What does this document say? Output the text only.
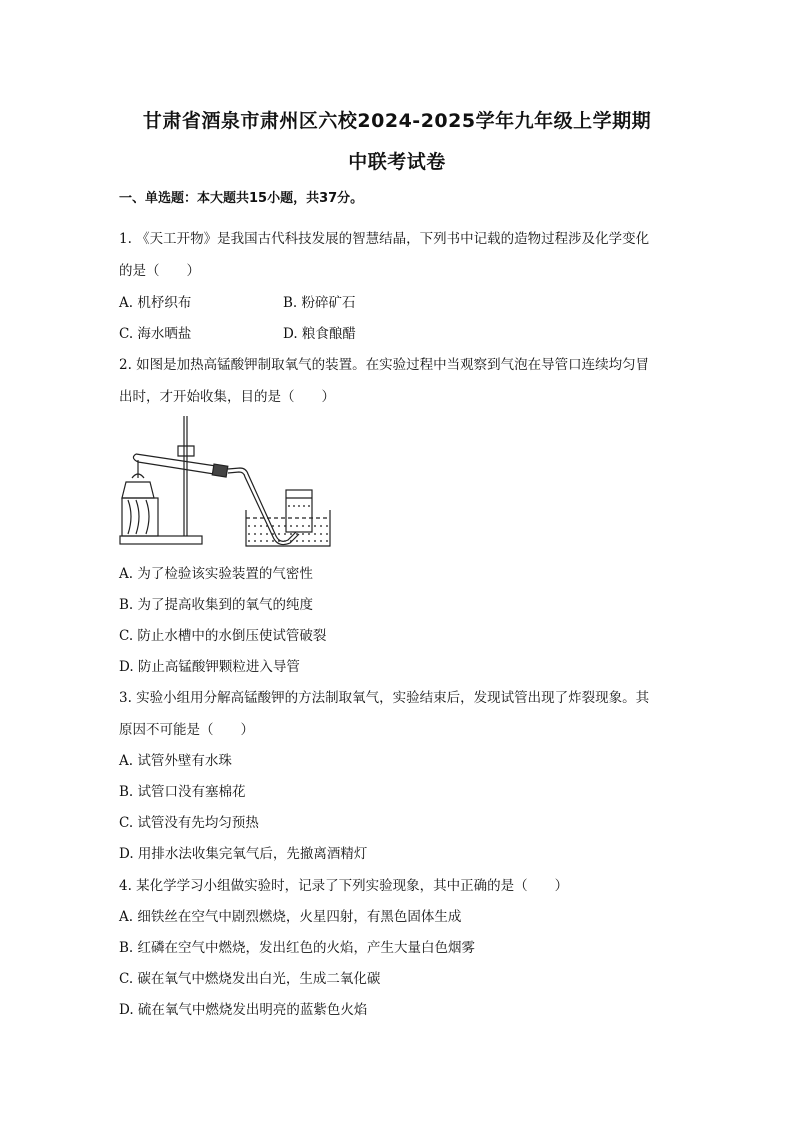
甘肃省酒泉市肃州区六校2024-2025学年九年级上学期期
中联考试卷
一、单选题：本大题共15小题，共37分。
1. 《天工开物》是我国古代科技发展的智慧结晶，下列书中记载的造物过程涉及化学变化
的是（　　）
A. 机杼织布	B. 粉碎矿石
C. 海水晒盐	D. 粮食酿醋
2. 如图是加热高锰酸钾制取氧气的装置。在实验过程中当观察到气泡在导管口连续均匀冒
出时，才开始收集，目的是（　　）
A. 为了检验该实验装置的气密性
B. 为了提高收集到的氧气的纯度
C. 防止水槽中的水倒压使试管破裂
D. 防止高锰酸钾颗粒进入导管
3. 实验小组用分解高锰酸钾的方法制取氧气，实验结束后，发现试管出现了炸裂现象。其
原因不可能是（　　）
A. 试管外壁有水珠
B. 试管口没有塞棉花
C. 试管没有先均匀预热
D. 用排水法收集完氧气后，先撤离酒精灯
4. 某化学学习小组做实验时，记录了下列实验现象，其中正确的是（　　）
A. 细铁丝在空气中剧烈燃烧，火星四射，有黑色固体生成
B. 红磷在空气中燃烧，发出红色的火焰，产生大量白色烟雾
C. 碳在氧气中燃烧发出白光，生成二氧化碳
D. 硫在氧气中燃烧发出明亮的蓝紫色火焰
